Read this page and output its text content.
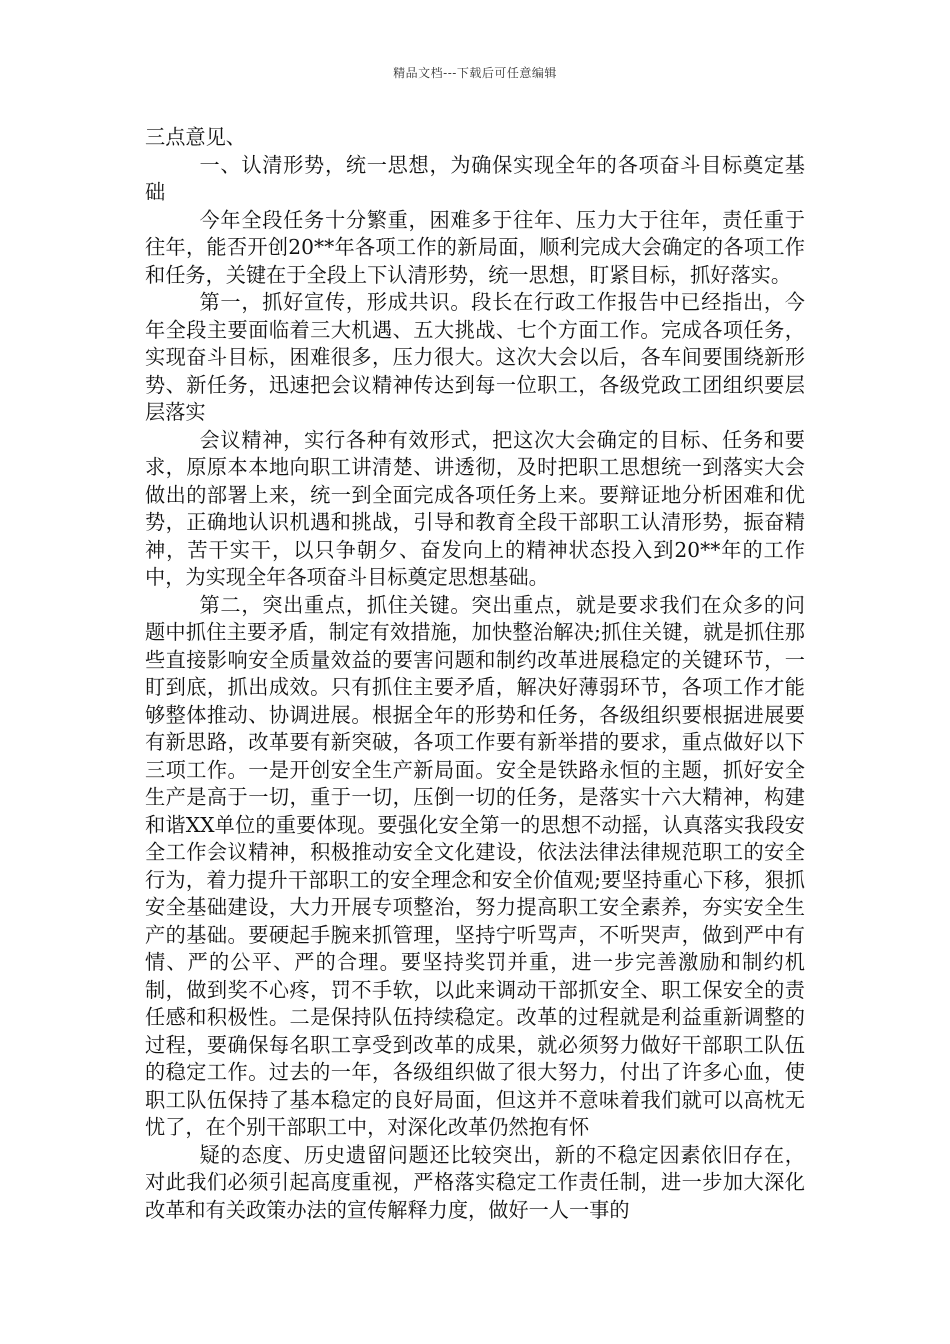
精品文档---下载后可任意编辑

三点意见、

一、认清形势，统一思想，为确保实现全年的各项奋斗目标奠定基础

今年全段任务十分繁重，困难多于往年、压力大于往年，责任重于往年，能否开创20**年各项工作的新局面，顺利完成大会确定的各项工作和任务，关键在于全段上下认清形势，统一思想，盯紧目标，抓好落实。

第一，抓好宣传，形成共识。段长在行政工作报告中已经指出，今年全段主要面临着三大机遇、五大挑战、七个方面工作。完成各项任务，实现奋斗目标，困难很多，压力很大。这次大会以后，各车间要围绕新形势、新任务，迅速把会议精神传达到每一位职工，各级党政工团组织要层层落实

会议精神，实行各种有效形式，把这次大会确定的目标、任务和要求，原原本本地向职工讲清楚、讲透彻，及时把职工思想统一到落实大会做出的部署上来，统一到全面完成各项任务上来。要辩证地分析困难和优势，正确地认识机遇和挑战，引导和教育全段干部职工认清形势，振奋精神，苦干实干，以只争朝夕、奋发向上的精神状态投入到20**年的工作中，为实现全年各项奋斗目标奠定思想基础。

第二，突出重点，抓住关键。突出重点，就是要求我们在众多的问题中抓住主要矛盾，制定有效措施，加快整治解决;抓住关键，就是抓住那些直接影响安全质量效益的要害问题和制约改革进展稳定的关键环节，一盯到底，抓出成效。只有抓住主要矛盾，解决好薄弱环节，各项工作才能够整体推动、协调进展。根据全年的形势和任务，各级组织要根据进展要有新思路，改革要有新突破，各项工作要有新举措的要求，重点做好以下三项工作。一是开创安全生产新局面。安全是铁路永恒的主题，抓好安全生产是高于一切，重于一切，压倒一切的任务，是落实十六大精神，构建和谐XX单位的重要体现。要强化安全第一的思想不动摇，认真落实我段安全工作会议精神，积极推动安全文化建设，依法法律法律规范职工的安全行为，着力提升干部职工的安全理念和安全价值观;要坚持重心下移，狠抓安全基础建设，大力开展专项整治，努力提高职工安全素养，夯实安全生产的基础。要硬起手腕来抓管理，坚持宁听骂声，不听哭声，做到严中有情、严的公平、严的合理。要坚持奖罚并重，进一步完善激励和制约机制，做到奖不心疼，罚不手软，以此来调动干部抓安全、职工保安全的责任感和积极性。二是保持队伍持续稳定。改革的过程就是利益重新调整的过程，要确保每名职工享受到改革的成果，就必须努力做好干部职工队伍的稳定工作。过去的一年，各级组织做了很大努力，付出了许多心血，使职工队伍保持了基本稳定的良好局面，但这并不意味着我们就可以高枕无忧了，在个别干部职工中，对深化改革仍然抱有怀

疑的态度、历史遗留问题还比较突出，新的不稳定因素依旧存在，对此我们必须引起高度重视，严格落实稳定工作责任制，进一步加大深化改革和有关政策办法的宣传解释力度，做好一人一事的
